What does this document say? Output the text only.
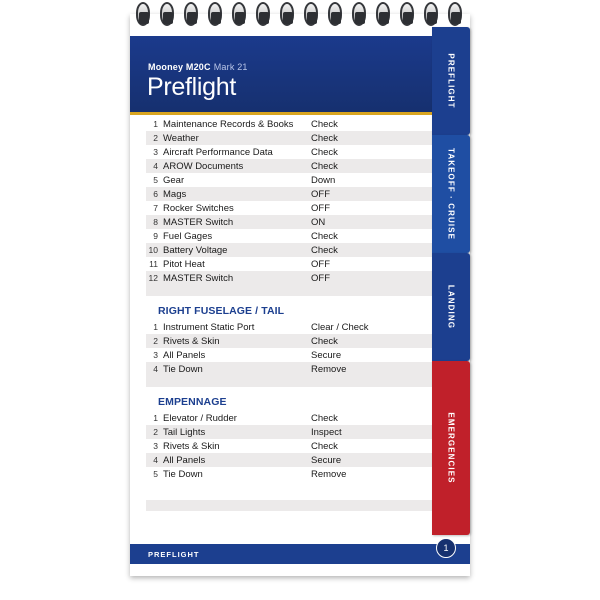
Mooney M20C Mark 21
Preflight
1 Maintenance Records & Books	Check
2 Weather	Check
3 Aircraft Performance Data	Check
4 AROW Documents	Check
5 Gear	Down
6 Mags	OFF
7 Rocker Switches	OFF
8 MASTER Switch	ON
9 Fuel Gages	Check
10 Battery Voltage	Check
11 Pitot Heat	OFF
12 MASTER Switch	OFF
RIGHT FUSELAGE / TAIL
1 Instrument Static Port	Clear / Check
2 Rivets & Skin	Check
3 All Panels	Secure
4 Tie Down	Remove
EMPENNAGE
1 Elevator / Rudder	Check
2 Tail Lights	Inspect
3 Rivets & Skin	Check
4 All Panels	Secure
5 Tie Down	Remove
PREFLIGHT
1
PREFLIGHT
TAKEOFF · CRUISE
LANDING
EMERGENCIES
